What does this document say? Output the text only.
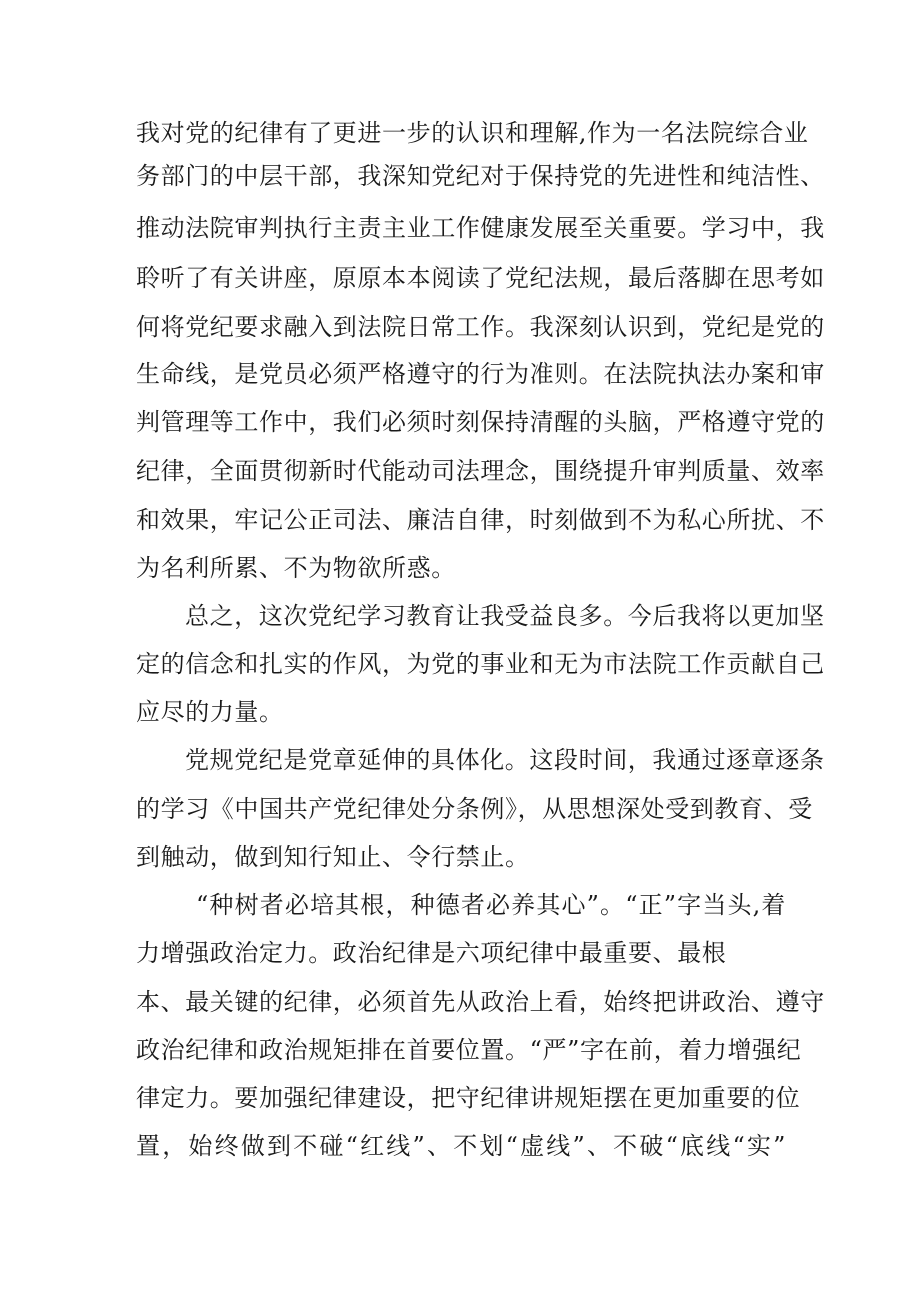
我对党的纪律有了更进一步的认识和理解,作为一名法院综合业
务部门的中层干部，我深知党纪对于保持党的先进性和纯洁性、
推动法院审判执行主责主业工作健康发展至关重要。学习中，我
聆听了有关讲座，原原本本阅读了党纪法规，最后落脚在思考如
何将党纪要求融入到法院日常工作。我深刻认识到，党纪是党的
生命线，是党员必须严格遵守的行为准则。在法院执法办案和审
判管理等工作中，我们必须时刻保持清醒的头脑，严格遵守党的
纪律，全面贯彻新时代能动司法理念，围绕提升审判质量、效率
和效果，牢记公正司法、廉洁自律，时刻做到不为私心所扰、不
为名利所累、不为物欲所惑。
总之，这次党纪学习教育让我受益良多。今后我将以更加坚
定的信念和扎实的作风，为党的事业和无为市法院工作贡献自己
应尽的力量。
党规党纪是党章延伸的具体化。这段时间，我通过逐章逐条
的学习《中国共产党纪律处分条例》，从思想深处受到教育、受
到触动，做到知行知止、令行禁止。
“种树者必培其根，种德者必养其心”。“正”字当头,着
力增强政治定力。政治纪律是六项纪律中最重要、最根
本、最关键的纪律，必须首先从政治上看，始终把讲政治、遵守
政治纪律和政治规矩排在首要位置。“严”字在前，着力增强纪
律定力。要加强纪律建设，把守纪律讲规矩摆在更加重要的位
置，始终做到不碰“红线”、不划“虚线”、不破“底线“实”
